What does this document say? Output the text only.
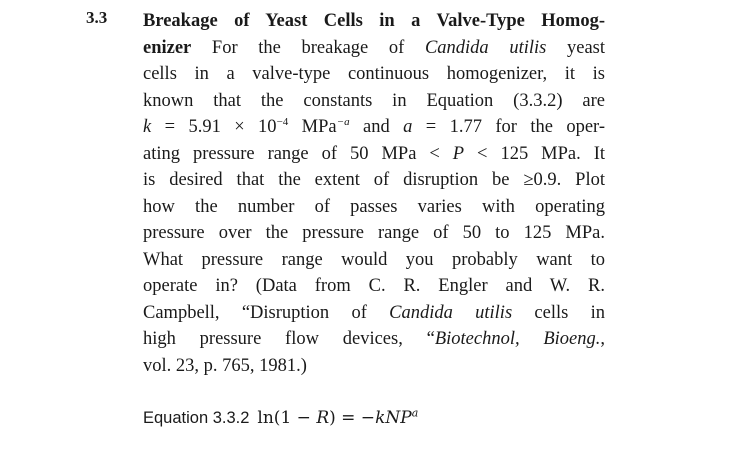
3.3 Breakage of Yeast Cells in a Valve-Type Homog-
enizer For the breakage of Candida utilis yeast
cells in a valve-type continuous homogenizer, it is
known that the constants in Equation (3.3.2) are
$k = 5.91 \times 10^{-4}$ MPa$^{-a}$ and a = 1.77 for the oper-
ating pressure range of 50 MPa < P < 125 MPa. It
is desired that the extent of disruption be ≥0.9. Plot
how the number of passes varies with operating
pressure over the pressure range of 50 to 125 MPa.
What pressure range would you probably want to
operate in? (Data from C. R. Engler and W. R.
Campbell, “Disruption of Candida utilis cells in
high pressure flow devices, “Biotechnol, Bioeng.,
vol. 23, p. 765, 1981.)
Equation 3.3.2 ln(1 − R) = −kNP$^a$
